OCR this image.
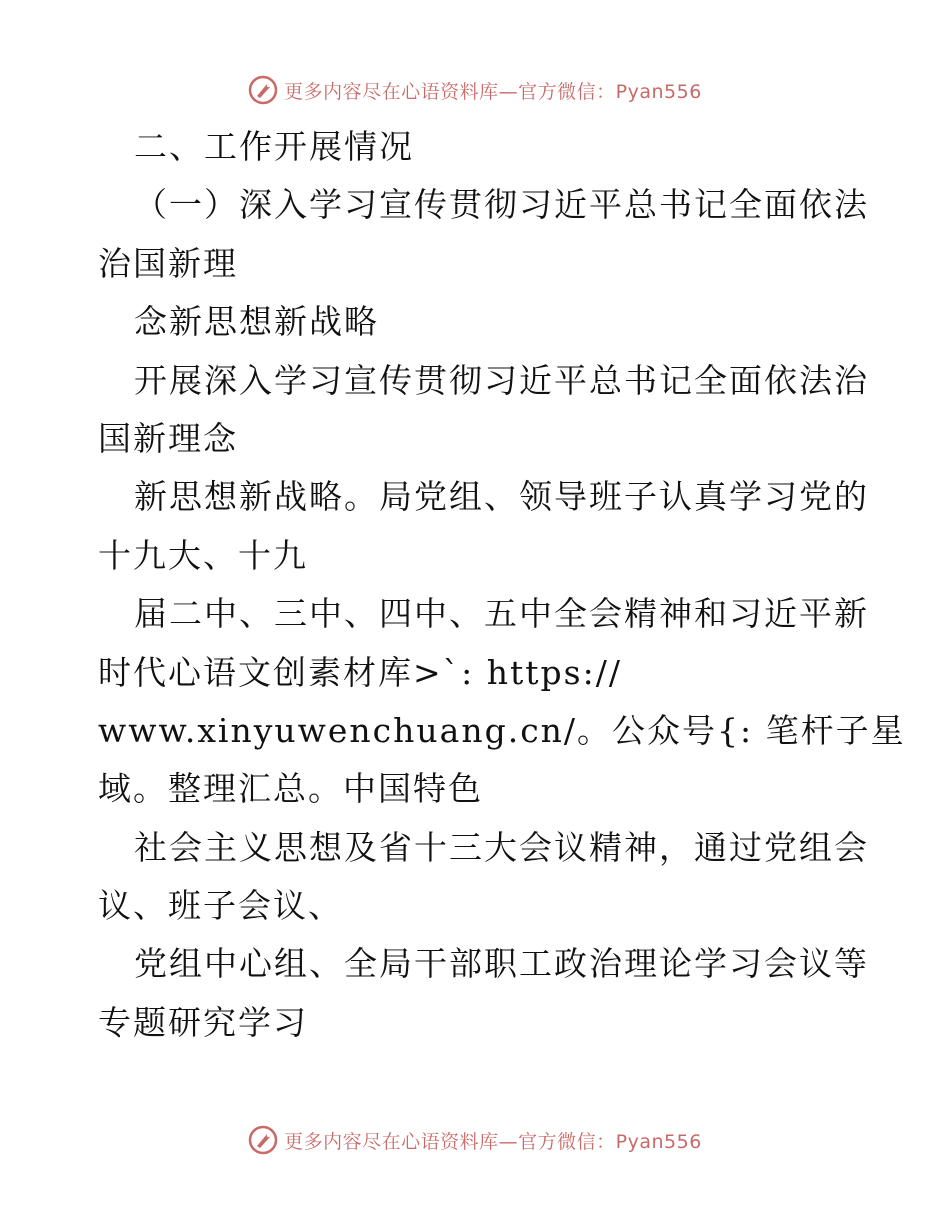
更多内容尽在心语资料库—官方微信：Pyan556
二、工作开展情况
（一）深入学习宣传贯彻习近平总书记全面依法
治国新理
念新思想新战略
开展深入学习宣传贯彻习近平总书记全面依法治
国新理念
新思想新战略。局党组、领导班子认真学习党的
十九大、十九
届二中、三中、四中、五中全会精神和习近平新
时代心语文创素材库>`: https://
www.xinyuwenchuang.cn/。公众号{: 笔杆子星
域。整理汇总。中国特色
社会主义思想及省十三大会议精神，通过党组会
议、班子会议、
党组中心组、全局干部职工政治理论学习会议等
专题研究学习
更多内容尽在心语资料库—官方微信：Pyan556
